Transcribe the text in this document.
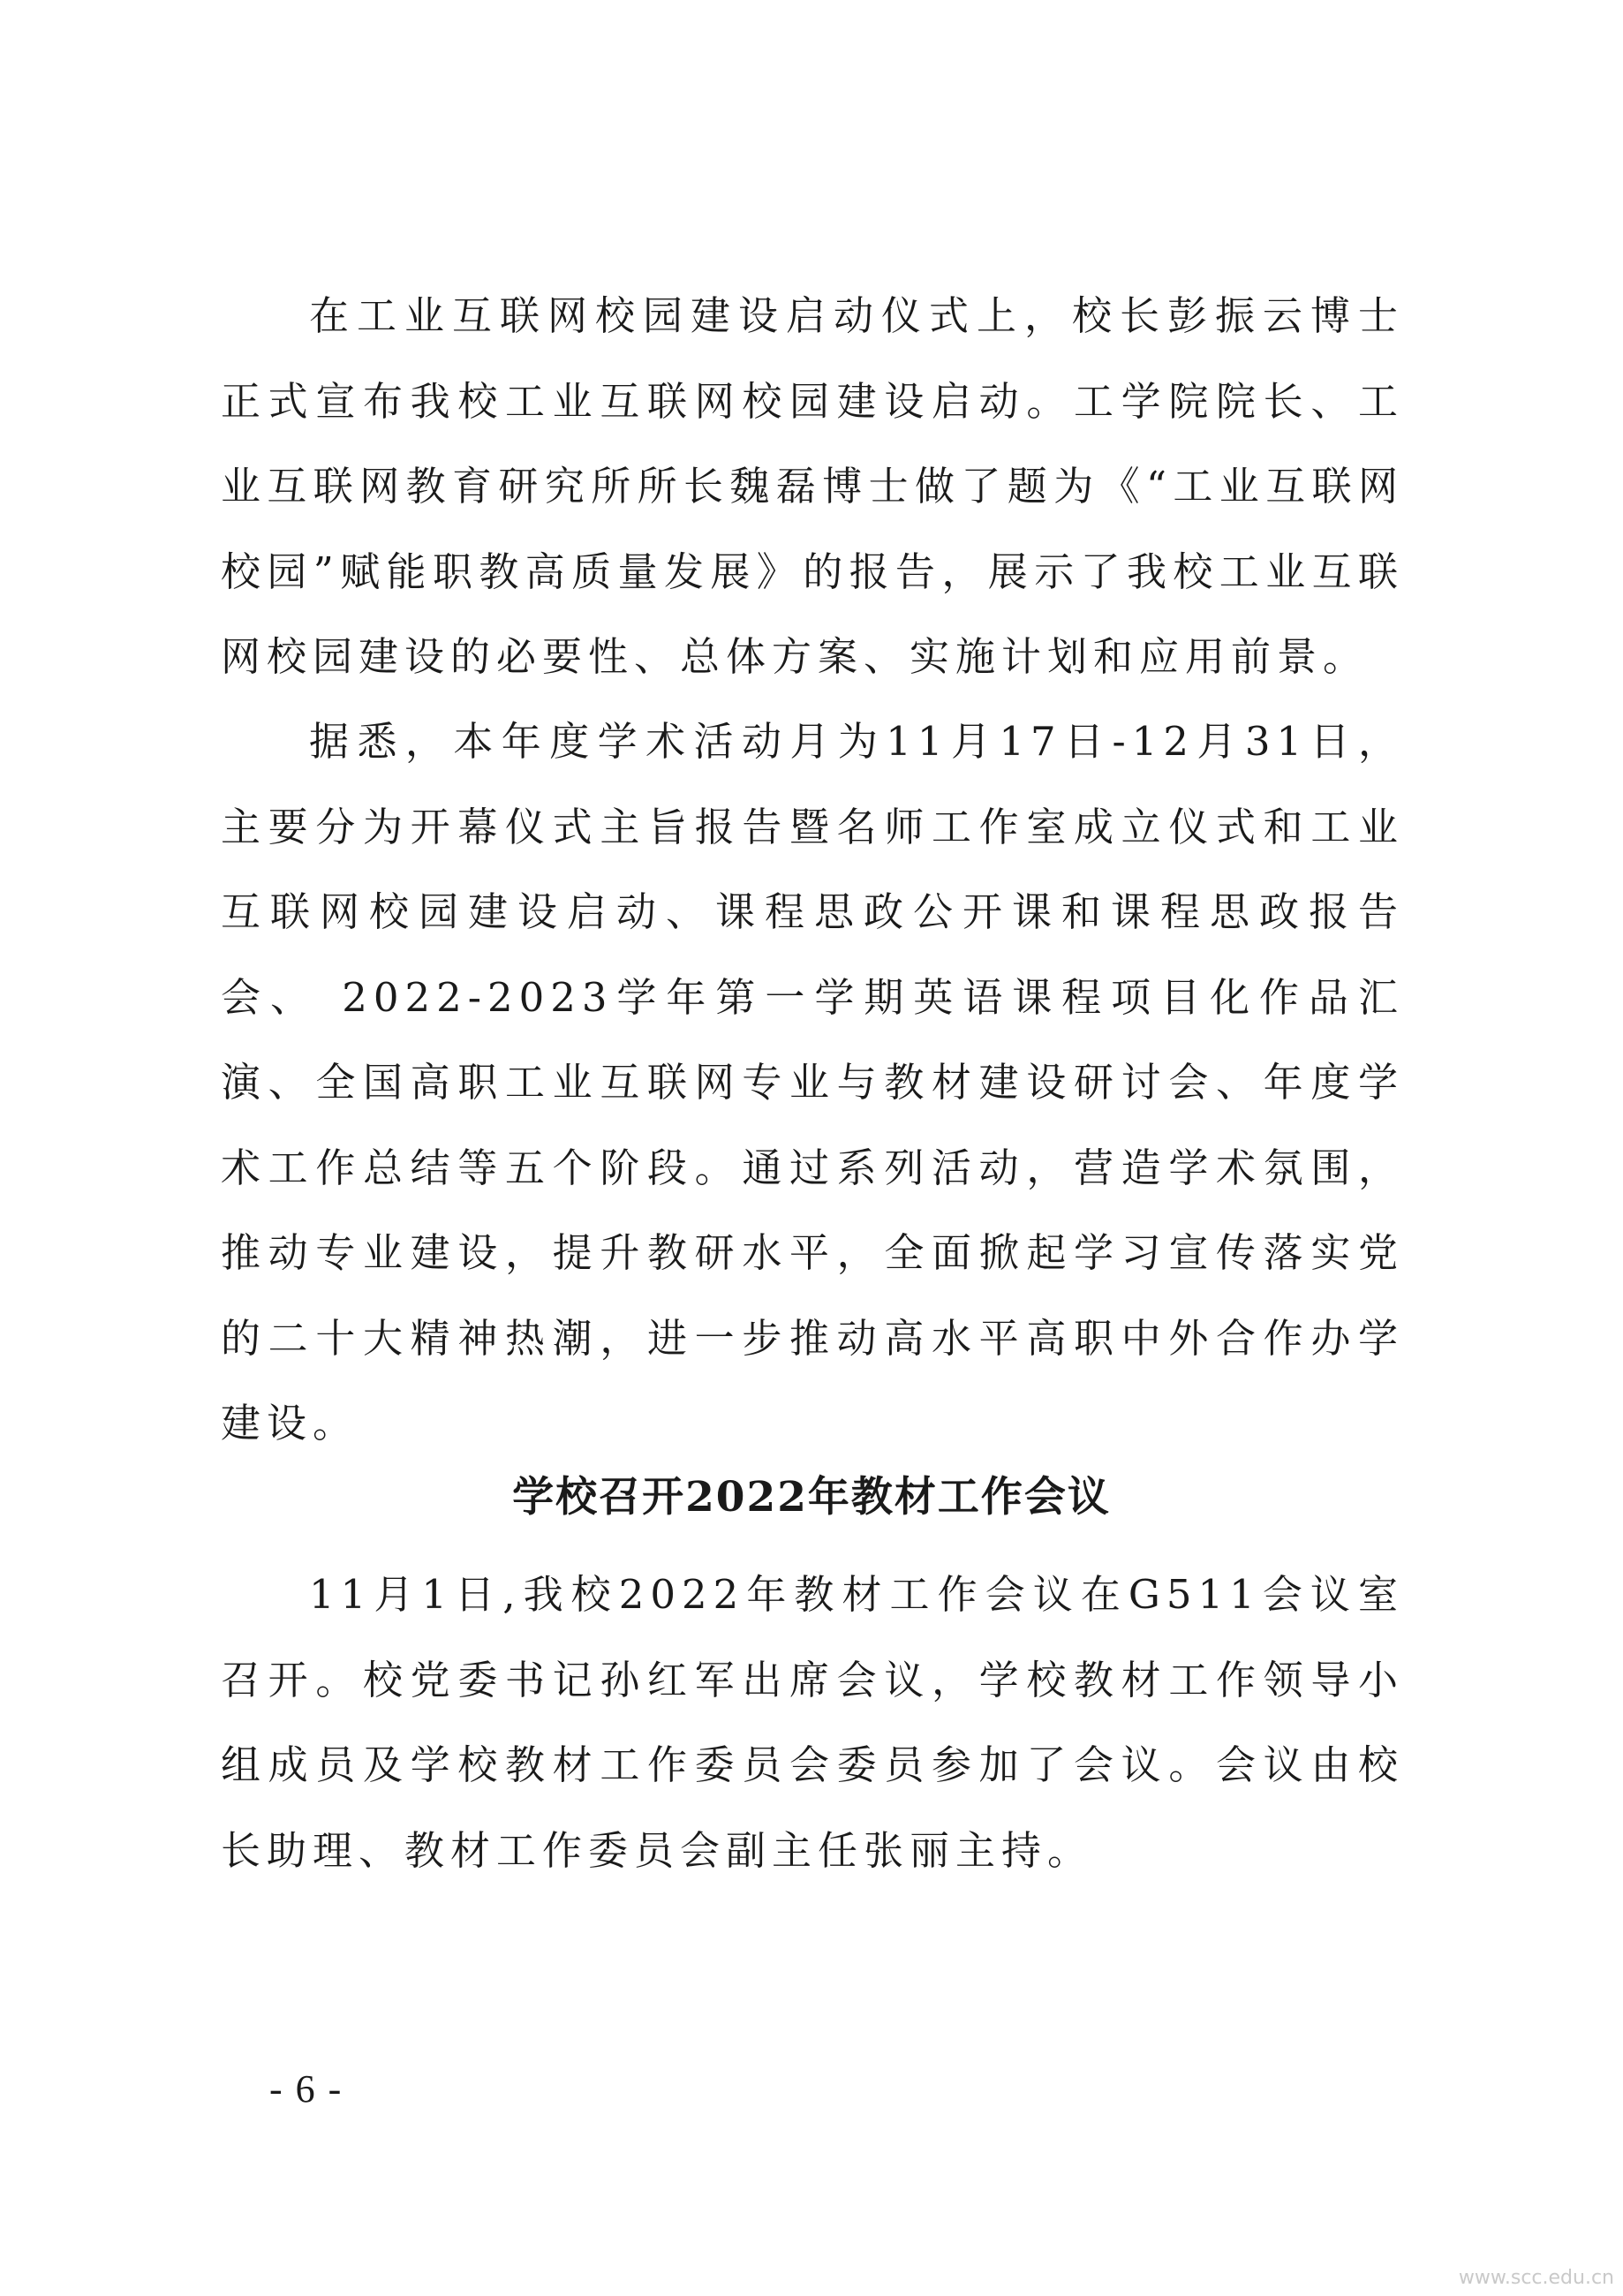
在工业互联网校园建设启动仪式上，校长彭振云博士正式宣布我校工业互联网校园建设启动。工学院院长、工业互联网教育研究所所长魏磊博士做了题为《“工业互联网校园”赋能职教高质量发展》的报告，展示了我校工业互联网校园建设的必要性、总体方案、实施计划和应用前景。

据悉，本年度学术活动月为11月17日-12月31日，主要分为开幕仪式主旨报告暨名师工作室成立仪式和工业互联网校园建设启动、课程思政公开课和课程思政报告会、 2022-2023学年第一学期英语课程项目化作品汇演、全国高职工业互联网专业与教材建设研讨会、年度学术工作总结等五个阶段。通过系列活动，营造学术氛围，推动专业建设，提升教研水平，全面掀起学习宣传落实党的二十大精神热潮，进一步推动高水平高职中外合作办学建设。

学校召开2022年教材工作会议

11月1日,我校2022年教材工作会议在G511会议室召开。校党委书记孙红军出席会议，学校教材工作领导小组成员及学校教材工作委员会委员参加了会议。会议由校长助理、教材工作委员会副主任张丽主持。

- 6 -
www.scc.edu.cn
